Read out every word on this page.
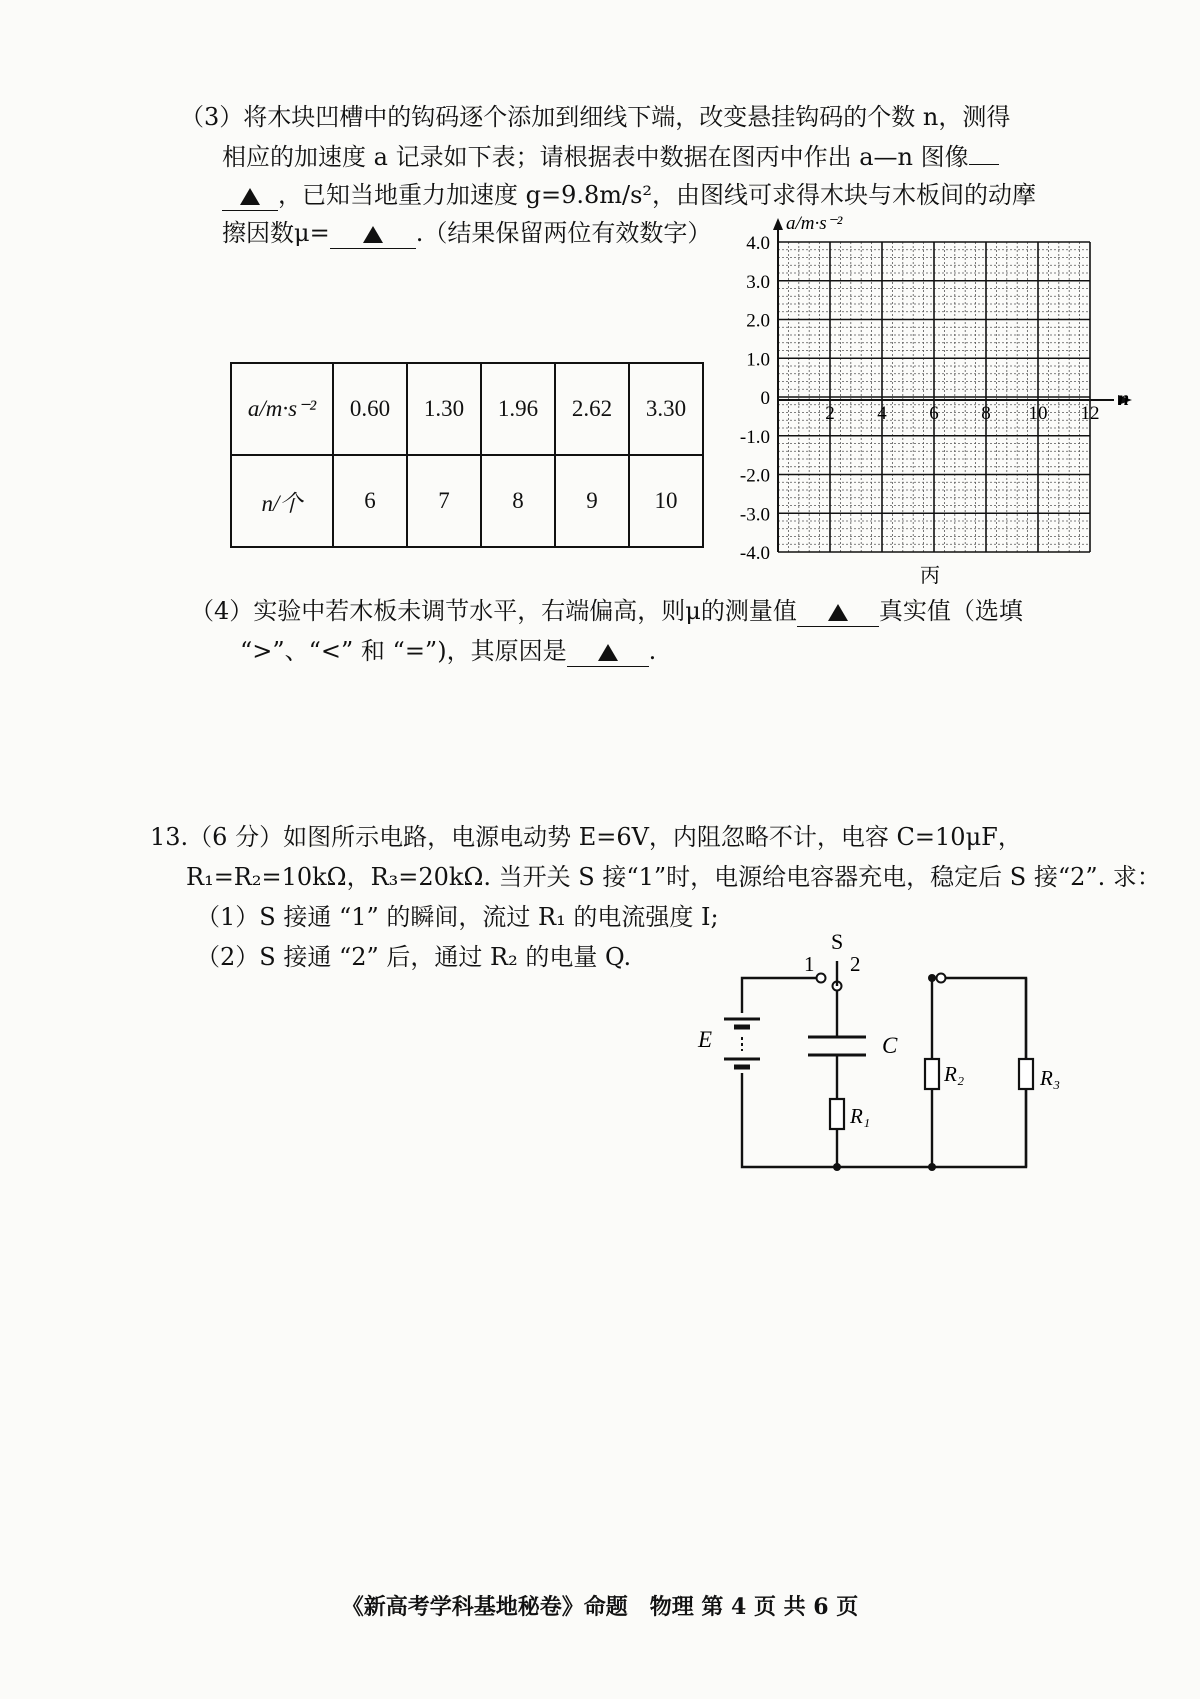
（3）将木块凹槽中的钩码逐个添加到细线下端，改变悬挂钩码的个数 n，测得
相应的加速度 a 记录如下表；请根据表中数据在图丙中作出 a—n 图像
，已知当地重力加速度 g=9.8m/s²，由图线可求得木块与木板间的动摩
擦因数μ=	.（结果保留两位有效数字）
a/m·s⁻²	0.60	1.30	1.96	2.62	3.30
n/个	6	7	8	9	10
a/m·s⁻²
n
4.0
3.0
2.0
1.0
0
-1.0
-2.0
-3.0
-4.0
2 4 6 8 10 12
丙
（4）实验中若木板未调节水平，右端偏高，则μ的测量值	真实值（选填
“>”、“<” 和 “=”)，其原因是	.
13.（6 分）如图所示电路，电源电动势 E=6V，内阻忽略不计，电容 C=10μF，
R₁=R₂=10kΩ，R₃=20kΩ. 当开关 S 接“1”时，电源给电容器充电，稳定后 S 接“2”. 求：
（1）S 接通 “1” 的瞬间，流过 R₁ 的电流强度 I;
（2）S 接通 “2” 后，通过 R₂ 的电量 Q.
S
1 2
E	C
R₁
R₂	R₃
《新高考学科基地秘卷》命题　物理 第 4 页 共 6 页
